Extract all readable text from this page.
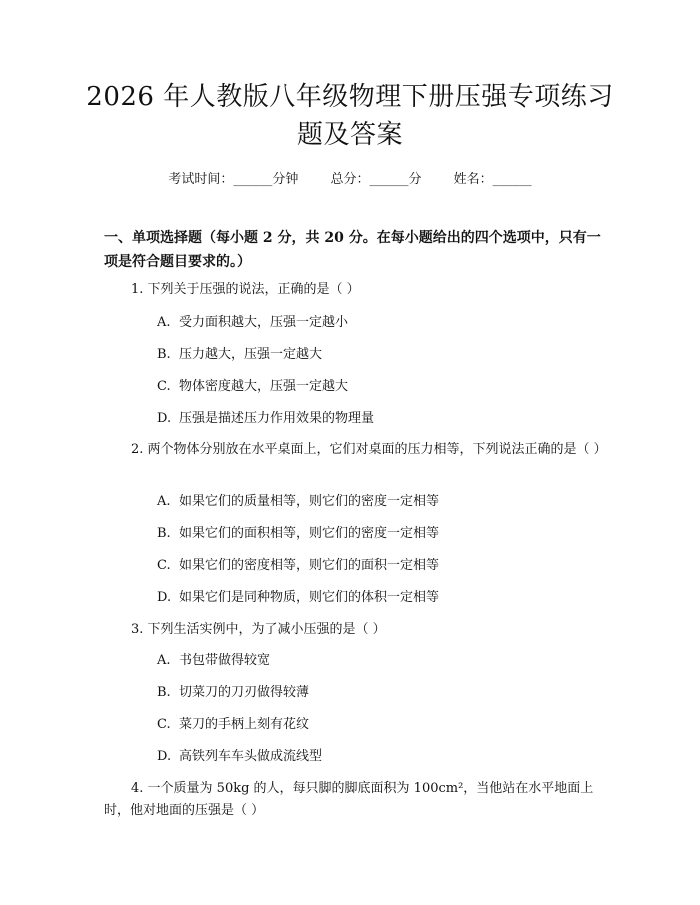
2026 年人教版八年级物理下册压强专项练习
题及答案
考试时间：______分钟 总分：______分 姓名：______
一、单项选择题（每小题 2 分，共 20 分。在每小题给出的四个选项中，只有一项是符合题目要求的。）
1. 下列关于压强的说法，正确的是（ ）
A. 受力面积越大，压强一定越小
B. 压力越大，压强一定越大
C. 物体密度越大，压强一定越大
D. 压强是描述压力作用效果的物理量
2. 两个物体分别放在水平桌面上，它们对桌面的压力相等，下列说法正确的是（ ）
A. 如果它们的质量相等，则它们的密度一定相等
B. 如果它们的面积相等，则它们的密度一定相等
C. 如果它们的密度相等，则它们的面积一定相等
D. 如果它们是同种物质，则它们的体积一定相等
3. 下列生活实例中，为了减小压强的是（ ）
A. 书包带做得较宽
B. 切菜刀的刀刃做得较薄
C. 菜刀的手柄上刻有花纹
D. 高铁列车车头做成流线型
4. 一个质量为 50kg 的人，每只脚的脚底面积为 100cm²，当他站在水平地面上时，他对地面的压强是（ ）
